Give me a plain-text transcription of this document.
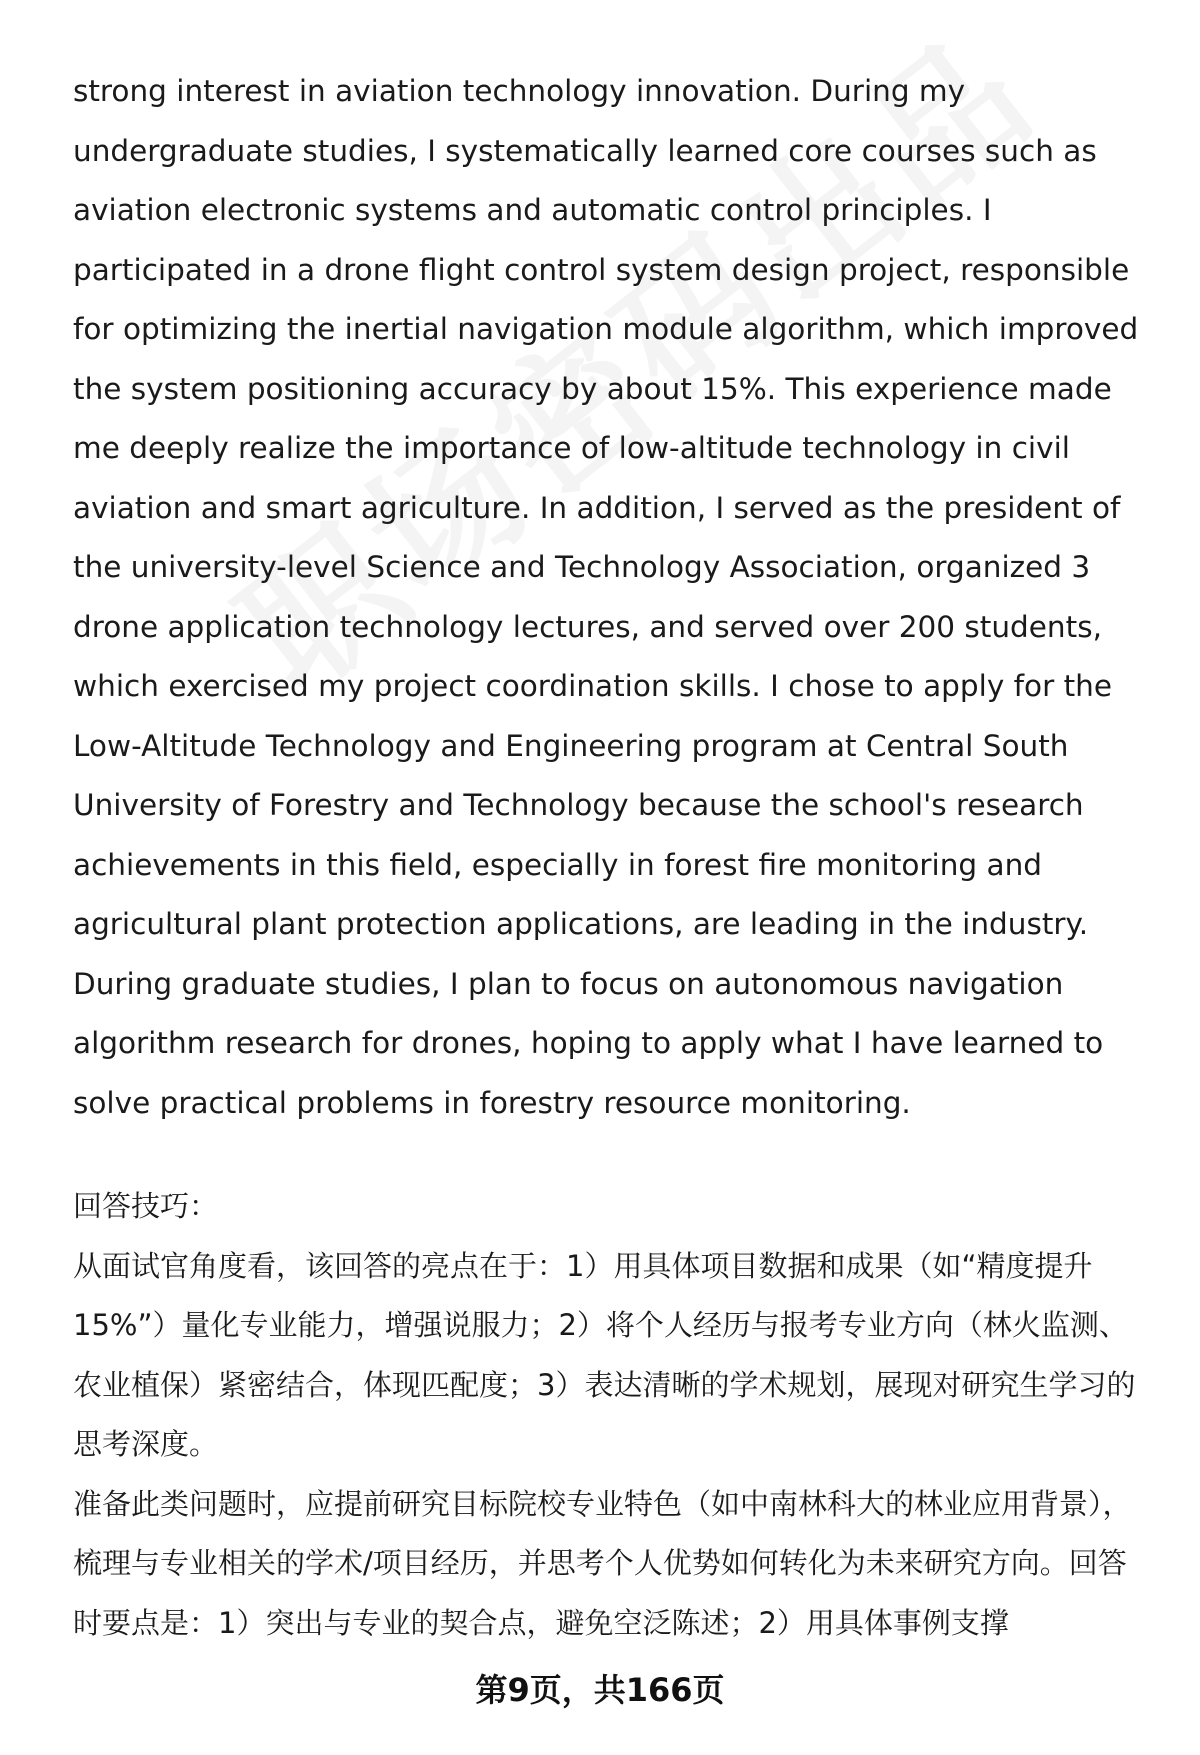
strong interest in aviation technology innovation. During my undergraduate studies, I systematically learned core courses such as aviation electronic systems and automatic control principles. I participated in a drone flight control system design project, responsible for optimizing the inertial navigation module algorithm, which improved the system positioning accuracy by about 15%. This experience made me deeply realize the importance of low-altitude technology in civil aviation and smart agriculture. In addition, I served as the president of the university-level Science and Technology Association, organized 3 drone application technology lectures, and served over 200 students, which exercised my project coordination skills. I chose to apply for the Low-Altitude Technology and Engineering program at Central South University of Forestry and Technology because the school's research achievements in this field, especially in forest fire monitoring and agricultural plant protection applications, are leading in the industry. During graduate studies, I plan to focus on autonomous navigation algorithm research for drones, hoping to apply what I have learned to solve practical problems in forestry resource monitoring.

回答技巧：

从面试官角度看，该回答的亮点在于：1）用具体项目数据和成果（如“精度提升15%”）量化专业能力，增强说服力；2）将个人经历与报考专业方向（林火监测、农业植保）紧密结合，体现匹配度；3）表达清晰的学术规划，展现对研究生学习的思考深度。

准备此类问题时，应提前研究目标院校专业特色（如中南林科大的林业应用背景），梳理与专业相关的学术/项目经历，并思考个人优势如何转化为未来研究方向。回答时要点是：1）突出与专业的契合点，避免空泛陈述；2）用具体事例支撑

第9页，共166页
